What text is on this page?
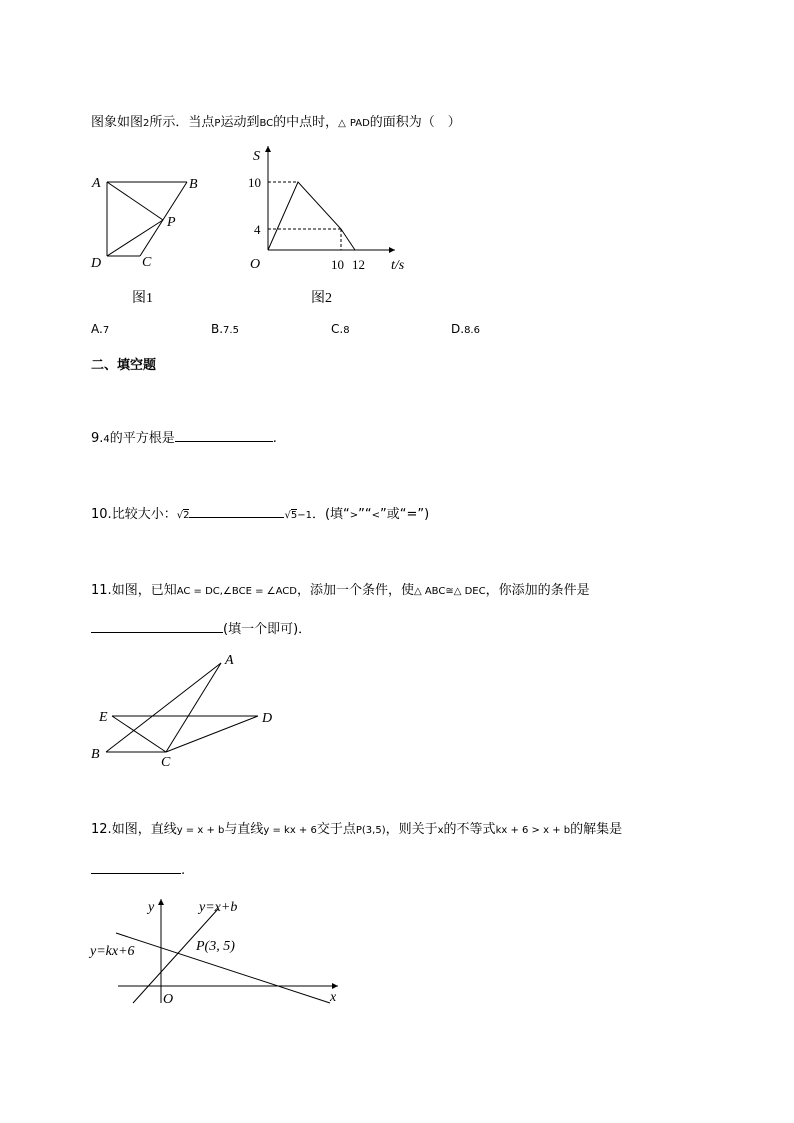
图象如图2所示．当点P运动到BC的中点时，△ PAD的面积为（　）
A	B
P
D	C
图1
S
10
4
O	10 12 t/s
图2
A.7	B.7.5	C.8	D.8.6
二、填空题
9.4的平方根是	.
10.比较大小：√2	√5−1．(填“>”“<”或“=”)
11.如图，已知AC = DC,∠BCE = ∠ACD，添加一个条件，使△ ABC≅△ DEC，你添加的条件是
(填一个即可)．
A
E	D
B
C
12.如图，直线y = x + b与直线y = kx + 6交于点P(3,5)，则关于x的不等式kx + 6 > x + b的解集是
.
y
x
O
y=x+b
y=kx+6	P(3, 5)
